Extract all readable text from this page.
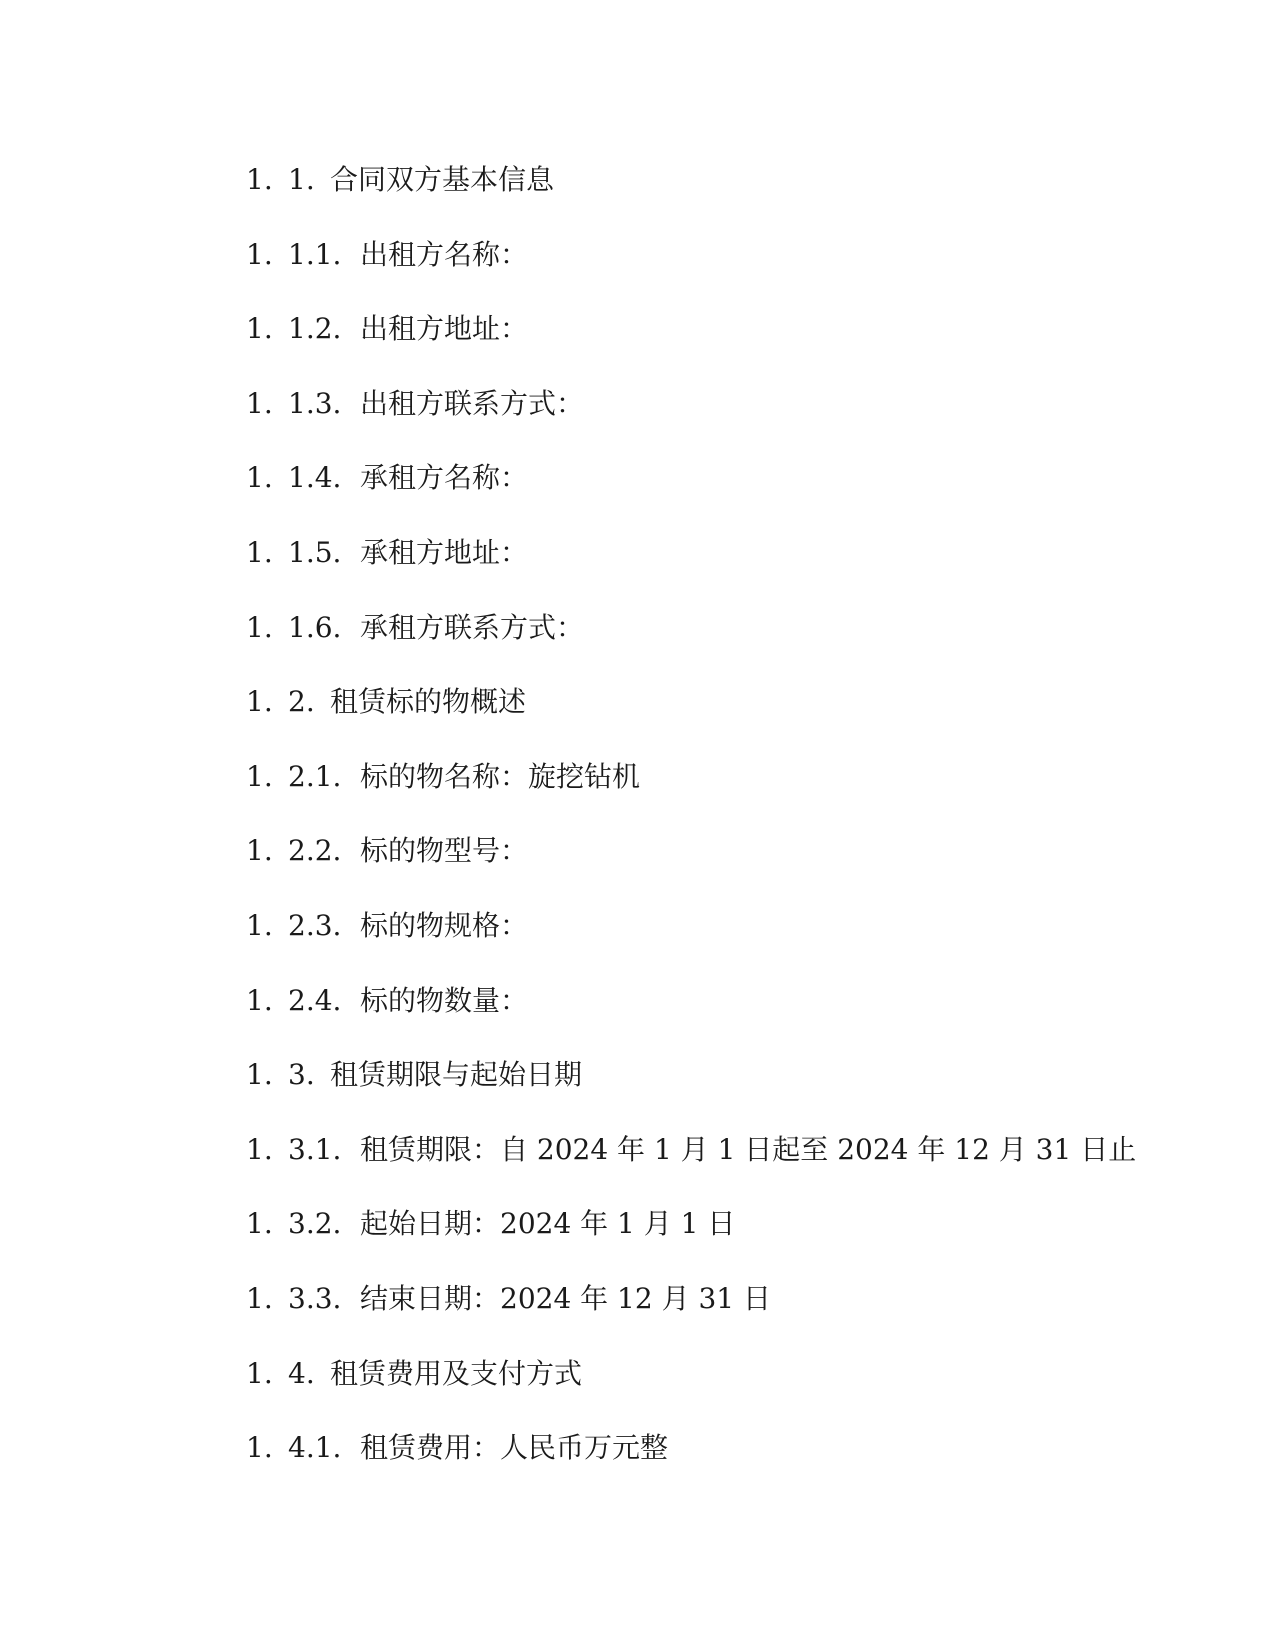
1. 1. 合同双方基本信息
1. 1.1. 出租方名称：
1. 1.2. 出租方地址：
1. 1.3. 出租方联系方式：
1. 1.4. 承租方名称：
1. 1.5. 承租方地址：
1. 1.6. 承租方联系方式：
1. 2. 租赁标的物概述
1. 2.1. 标的物名称：旋挖钻机
1. 2.2. 标的物型号：
1. 2.3. 标的物规格：
1. 2.4. 标的物数量：
1. 3. 租赁期限与起始日期
1. 3.1. 租赁期限：自 2024 年 1 月 1 日起至 2024 年 12 月 31 日止
1. 3.2. 起始日期：2024 年 1 月 1 日
1. 3.3. 结束日期：2024 年 12 月 31 日
1. 4. 租赁费用及支付方式
1. 4.1. 租赁费用：人民币万元整
